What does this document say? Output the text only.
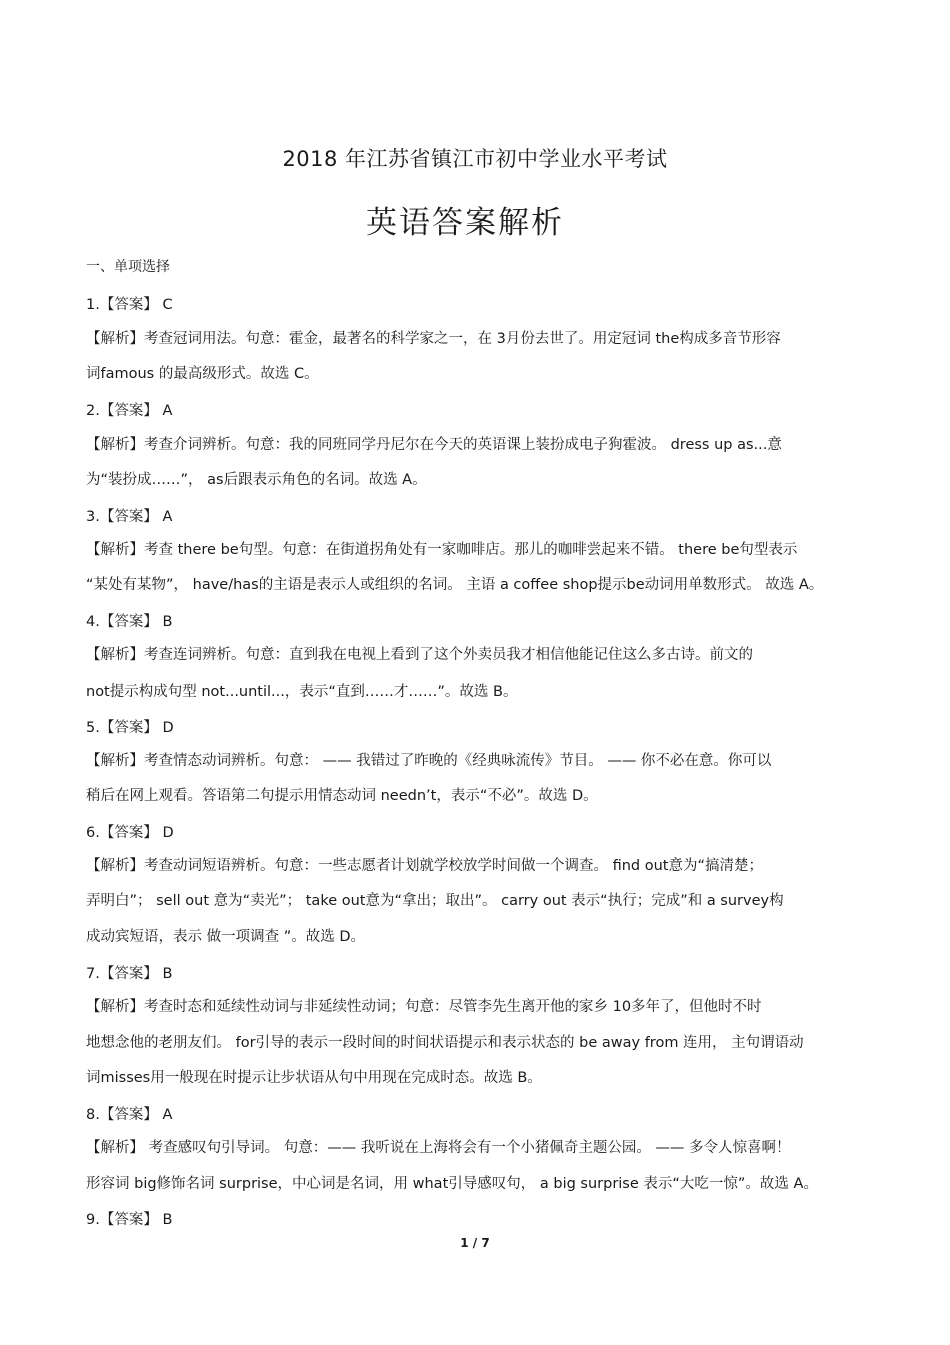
2018 年江苏省镇江市初中学业水平考试
英语答案解析
一、单项选择
1.【答案】 C
【解析】考查冠词用法。句意：霍金，最著名的科学家之一，在 3月份去世了。用定冠词 the构成多音节形容
词famous 的最高级形式。故选 C。
2.【答案】 A
【解析】考查介词辨析。句意：我的同班同学丹尼尔在今天的英语课上装扮成电子狗霍波。 dress up as...意
为“装扮成……”， as后跟表示角色的名词。故选 A。
3.【答案】 A
【解析】考查 there be句型。句意：在街道拐角处有一家咖啡店。那儿的咖啡尝起来不错。 there be句型表示
“某处有某物”， have/has的主语是表示人或组织的名词。 主语 a coffee shop提示be动词用单数形式。 故选 A。
4.【答案】 B
【解析】考查连词辨析。句意：直到我在电视上看到了这个外卖员我才相信他能记住这么多古诗。前文的
not提示构成句型 not...until...，表示“直到……才……”。故选 B。
5.【答案】 D
【解析】考查情态动词辨析。句意： —— 我错过了昨晚的《经典咏流传》节目。 —— 你不必在意。你可以
稍后在网上观看。答语第二句提示用情态动词 needn’t，表示“不必”。故选 D。
6.【答案】 D
【解析】考查动词短语辨析。句意：一些志愿者计划就学校放学时间做一个调查。 find out意为“搞清楚；
弄明白”； sell out 意为“卖光”； take out意为“拿出；取出”。 carry out 表示“执行；完成”和 a survey构
成动宾短语，表示 做一项调查 ”。故选 D。
7.【答案】 B
【解析】考查时态和延续性动词与非延续性动词；句意：尽管李先生离开他的家乡 10多年了，但他时不时
地想念他的老朋友们。 for引导的表示一段时间的时间状语提示和表示状态的 be away from 连用， 主句谓语动
词misses用一般现在时提示让步状语从句中用现在完成时态。故选 B。
8.【答案】 A
【解析】 考查感叹句引导词。 句意：—— 我听说在上海将会有一个小猪佩奇主题公园。 —— 多令人惊喜啊！
形容词 big修饰名词 surprise，中心词是名词，用 what引导感叹句， a big surprise 表示“大吃一惊”。故选 A。
9.【答案】 B
1 / 7
